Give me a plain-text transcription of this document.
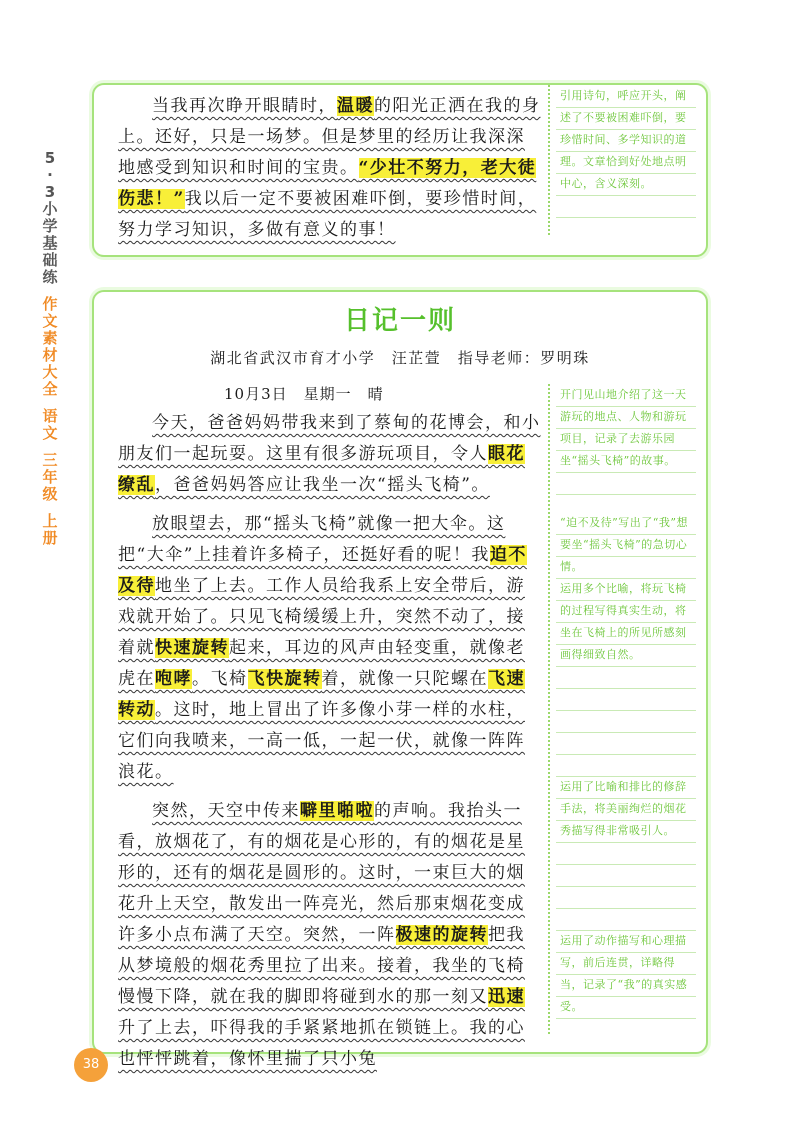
5
·
3
小
学
基
础
练
作
文
素
材
大
全
语
文
三
年
级
上
册

当我再次睁开眼睛时，温暖的阳光正洒在我的身上。还好，只是一场梦。但是梦里的经历让我深深地感受到知识和时间的宝贵。“少壮不努力，老大徒伤悲！”我以后一定不要被困难吓倒，要珍惜时间，努力学习知识，多做有意义的事！

引用诗句，呼应开头，阐述了不要被困难吓倒，要珍惜时间、多学知识的道理。文章恰到好处地点明中心，含义深刻。
日记一则
湖北省武汉市育才小学　汪芷萱　指导老师：罗明珠
10月3日　星期一　晴

今天，爸爸妈妈带我来到了蔡甸的花博会，和小朋友们一起玩耍。这里有很多游玩项目，令人眼花缭乱，爸爸妈妈答应让我坐一次“摇头飞椅”。

放眼望去，那“摇头飞椅”就像一把大伞。这把“大伞”上挂着许多椅子，还挺好看的呢！我迫不及待地坐了上去。工作人员给我系上安全带后，游戏就开始了。只见飞椅缓缓上升，突然不动了，接着就快速旋转起来，耳边的风声由轻变重，就像老虎在咆哮。飞椅飞快旋转着，就像一只陀螺在飞速转动。这时，地上冒出了许多像小芽一样的水柱，它们向我喷来，一高一低，一起一伏，就像一阵阵浪花。

突然，天空中传来噼里啪啦的声响。我抬头一看，放烟花了，有的烟花是心形的，有的烟花是星形的，还有的烟花是圆形的。这时，一束巨大的烟花升上天空，散发出一阵亮光，然后那束烟花变成许多小点布满了天空。突然，一阵极速的旋转把我从梦境般的烟花秀里拉了出来。接着，我坐的飞椅慢慢下降，就在我的脚即将碰到水的那一刻又迅速升了上去，吓得我的手紧紧地抓在锁链上。我的心也怦怦跳着，像怀里揣了只小兔

开门见山地介绍了这一天游玩的地点、人物和游玩项目，记录了去游乐园坐“摇头飞椅”的故事。
“迫不及待”写出了“我”想要坐“摇头飞椅”的急切心情。
运用多个比喻，将玩飞椅的过程写得真实生动，将坐在飞椅上的所见所感刻画得细致自然。
运用了比喻和排比的修辞手法，将美丽绚烂的烟花秀描写得非常吸引人。
运用了动作描写和心理描写，前后连贯，详略得当，记录了“我”的真实感受。
38
